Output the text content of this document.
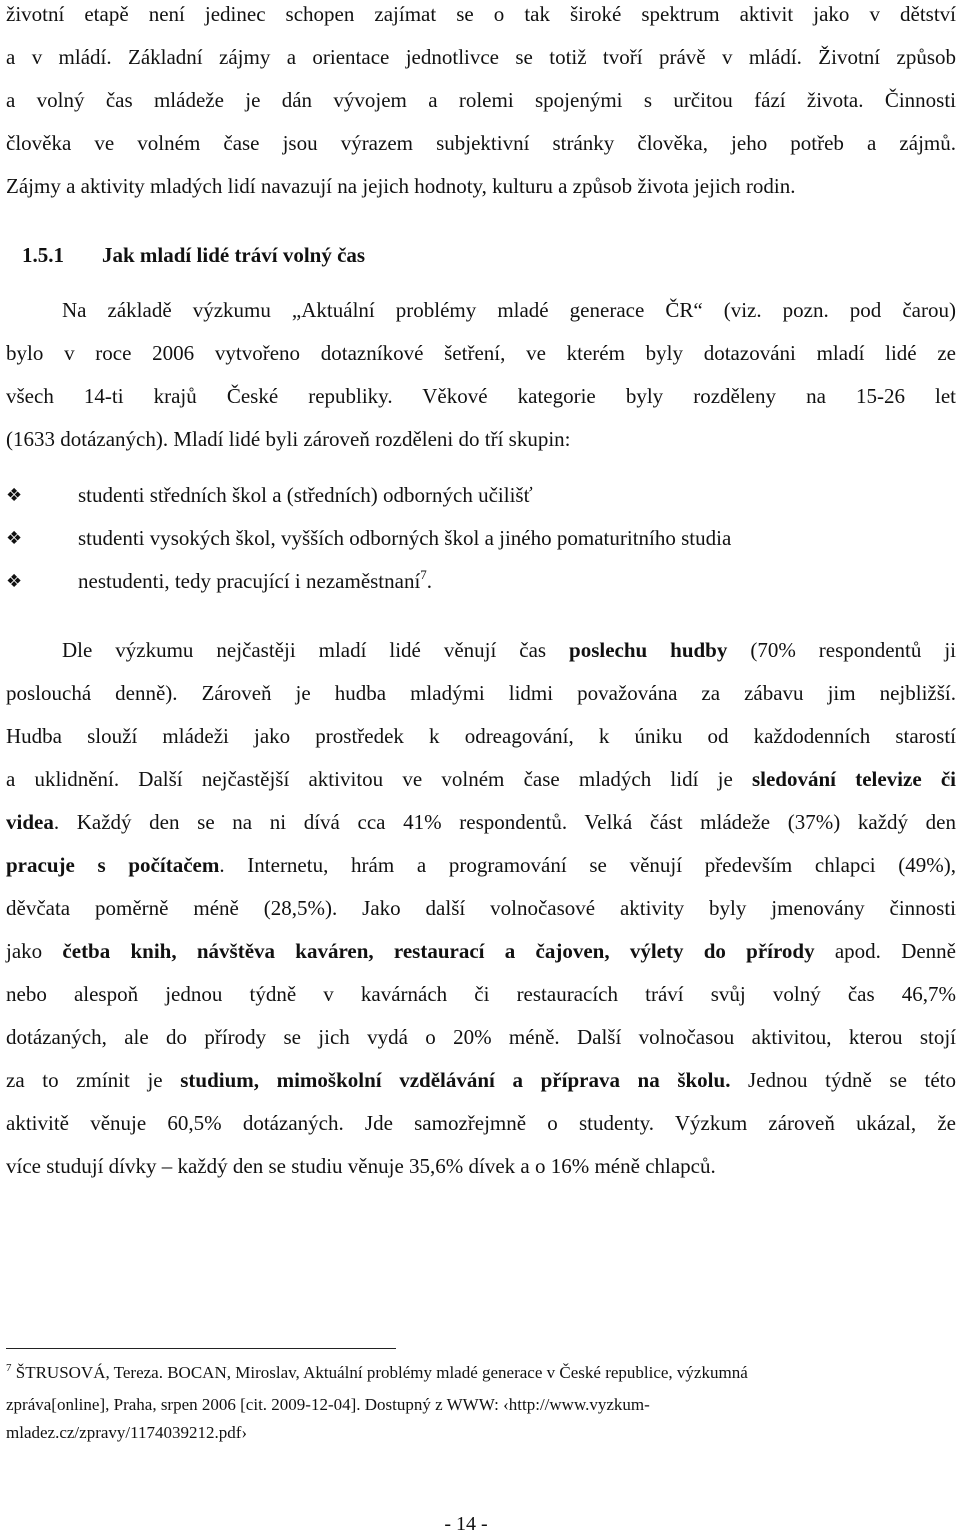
životní etapě není jedinec schopen zajímat se o tak široké spektrum aktivit jako v dětství
a v mládí. Základní zájmy a orientace jednotlivce se totiž tvoří právě v mládí. Životní způsob
a volný čas mládeže je dán vývojem a rolemi spojenými s určitou fází života. Činnosti
člověka ve volném čase jsou výrazem subjektivní stránky člověka, jeho potřeb a zájmů.
Zájmy a aktivity mladých lidí navazují na jejich hodnoty, kulturu a způsob života jejich rodin.
1.5.1 Jak mladí lidé tráví volný čas
Na základě výzkumu „Aktuální problémy mladé generace ČR“ (viz. pozn. pod čarou)
bylo v roce 2006 vytvořeno dotazníkové šetření, ve kterém byly dotazováni mladí lidé ze
všech 14-ti krajů České republiky. Věkové kategorie byly rozděleny na 15-26 let
(1633 dotázaných). Mladí lidé byli zároveň rozděleni do tří skupin:
❖	studenti středních škol a (středních) odborných učilišť
❖	studenti vysokých škol, vyšších odborných škol a jiného pomaturitního studia
❖	nestudenti, tedy pracující i nezaměstnaní$^7$.
Dle výzkumu nejčastěji mladí lidé věnují čas poslechu hudby (70% respondentů ji
poslouchá denně). Zároveň je hudba mladými lidmi považována za zábavu jim nejbližší.
Hudba slouží mládeži jako prostředek k odreagování, k úniku od každodenních starostí
a uklidnění. Další nejčastější aktivitou ve volném čase mladých lidí je sledování televize či
videa. Každý den se na ni dívá cca 41% respondentů. Velká část mládeže (37%) každý den
pracuje s počítačem. Internetu, hrám a programování se věnují především chlapci (49%),
děvčata poměrně méně (28,5%). Jako další volnočasové aktivity byly jmenovány činnosti
jako četba knih, návštěva kaváren, restaurací a čajoven, výlety do přírody apod. Denně
nebo alespoň jednou týdně v kavárnách či restauracích tráví svůj volný čas 46,7%
dotázaných, ale do přírody se jich vydá o 20% méně. Další volnočasou aktivitou, kterou stojí
za to zmínit je studium, mimoškolní vzdělávání a příprava na školu. Jednou týdně se této
aktivitě věnuje 60,5% dotázaných. Jde samozřejmně o studenty. Výzkum zároveň ukázal, že
více studují dívky – každý den se studiu věnuje 35,6% dívek a o 16% méně chlapců.
$^7$ ŠTRUSOVÁ, Tereza. BOCAN, Miroslav, Aktuální problémy mladé generace v České republice, výzkumná
zpráva[online], Praha, srpen 2006 [cit. 2009-12-04]. Dostupný z WWW: ‹http://www.vyzkum-
mladez.cz/zpravy/1174039212.pdf›
- 14 -
